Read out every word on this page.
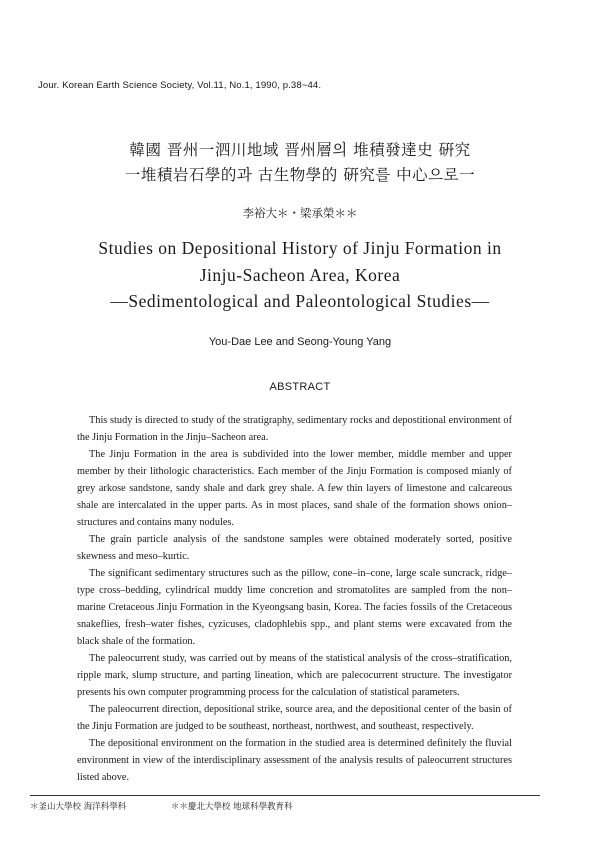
Jour. Korean Earth Science Society, Vol.11, No.1, 1990, p.38~44.
韓國 晋州一泗川地域 晋州層의 堆積發達史 硏究
一堆積岩石學的과 古生物學的 硏究를 中心으로一
李裕大＊・梁承榮＊＊
Studies on Depositional History of Jinju Formation in
Jinju-Sacheon Area, Korea
—Sedimentological and Paleontological Studies—
You-Dae Lee and Seong-Young Yang
ABSTRACT

This study is directed to study of the stratigraphy, sedimentary rocks and depostitional environment of the Jinju Formation in the Jinju–Sacheon area.

The Jinju Formation in the area is subdivided into the lower member, middle member and upper member by their lithologic characteristics. Each member of the Jinju Formation is composed mianly of grey arkose sandstone, sandy shale and dark grey shale. A few thin layers of limestone and calcareous shale are intercalated in the upper parts. As in most places, sand shale of the formation shows onion–structures and contains many nodules.

The grain particle analysis of the sandstone samples were obtained moderately sorted, positive skewness and meso–kurtic.

The significant sedimentary structures such as the pillow, cone–in–cone, large scale suncrack, ridge–type cross–bedding, cylindrical muddy lime concretion and stromatolites are sampled from the non–marine Cretaceous Jinju Formation in the Kyeongsang basin, Korea. The facies fossils of the Cretaceous snakeflies, fresh–water fishes, cyzicuses, cladophlebis spp., and plant stems were excavated from the black shale of the formation.

The paleocurrent study, was carried out by means of the statistical analysis of the cross–stratification, ripple mark, slump structure, and parting lineation, which are palecocurrent structure. The investigator presents his own computer programming process for the calculation of statistical parameters.

The paleocurrent direction, depositional strike, source area, and the depositional center of the basin of the Jinju Formation are judged to be southeast, northeast, northwest, and southeast, respectively.

The depositional environment on the formation in the studied area is determined definitely the fluvial environment in view of the interdisciplinary assessment of the analysis results of paleocurrent structures listed above.

＊釜山大學校 海洋科學科	＊＊慶北大學校 地球科學教育科
